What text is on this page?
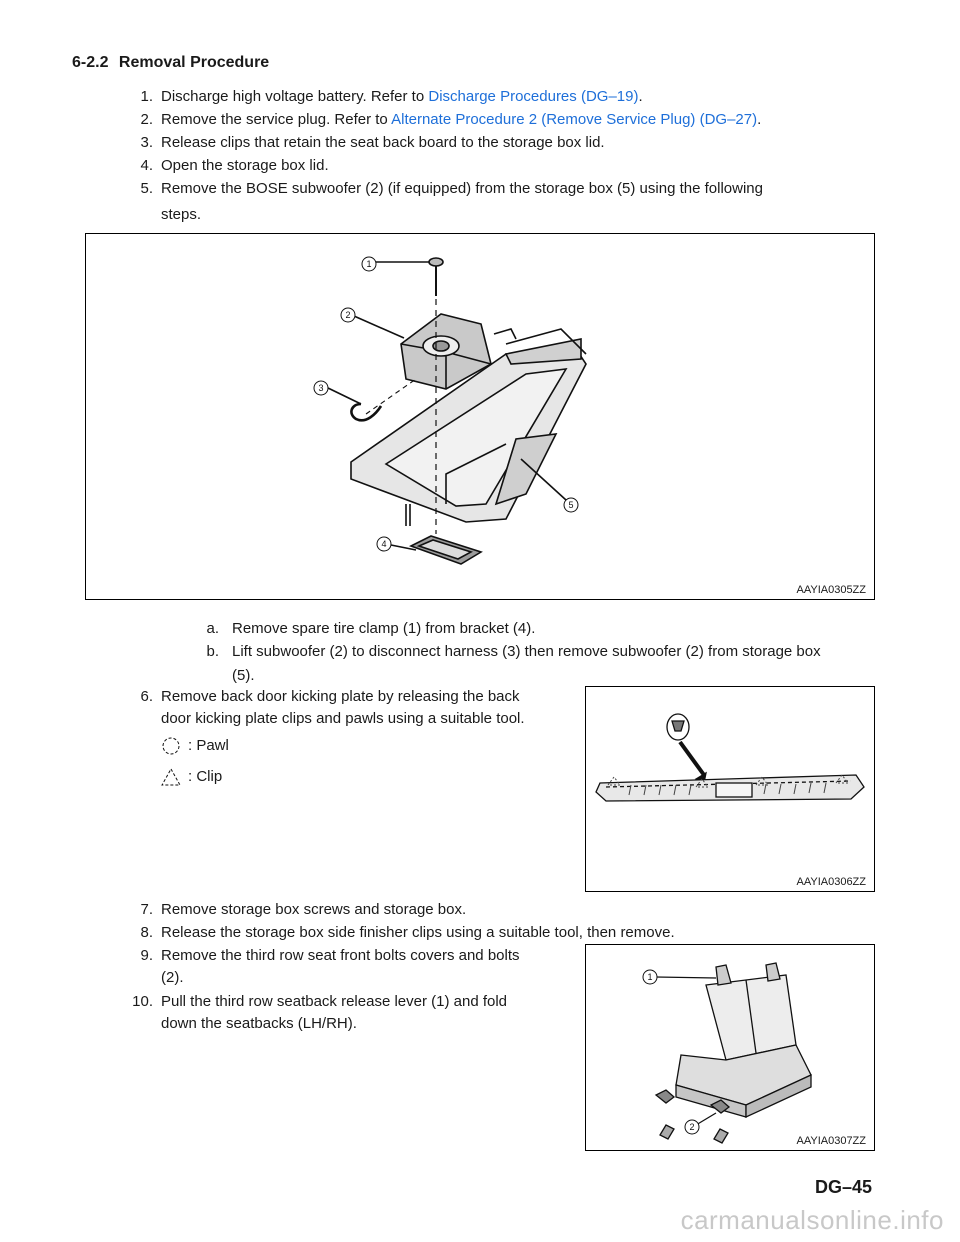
6-2.2 Removal Procedure
1. Discharge high voltage battery. Refer to Discharge Procedures (DG–19).
2. Remove the service plug. Refer to Alternate Procedure 2 (Remove Service Plug) (DG–27).
3. Release clips that retain the seat back board to the storage box lid.
4. Open the storage box lid.
5. Remove the BOSE subwoofer (2) (if equipped) from the storage box (5) using the following
steps.
1
2
3
4
5
AAYIA0305ZZ
a. Remove spare tire clamp (1) from bracket (4).
b. Lift subwoofer (2) to disconnect harness (3) then remove subwoofer (2) from storage box
(5).
6. Remove back door kicking plate by releasing the back
door kicking plate clips and pawls using a suitable tool.
: Pawl
: Clip
AAYIA0306ZZ
7. Remove storage box screws and storage box.
8. Release the storage box side finisher clips using a suitable tool, then remove.
9. Remove the third row seat front bolts covers and bolts
(2).
10. Pull the third row seatback release lever (1) and fold
down the seatbacks (LH/RH).
1
2
AAYIA0307ZZ
DG–45
carmanualsonline.info
